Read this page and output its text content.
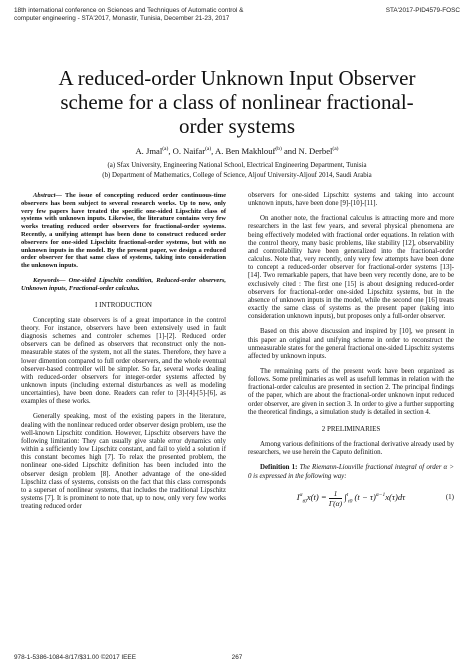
18th international conference on Sciences and Techniques of Automatic control &
computer engineering - STA'2017, Monastir, Tunisia, December 21-23, 2017
STA'2017-PID4579-FOSC
A reduced-order Unknown Input Observer
scheme for a class of nonlinear fractional-
order systems
A. Jmal$^{(a)}$, O. Naifar$^{(a)}$, A. Ben Makhlouf$^{(b)}$ and N. Derbel$^{(a)}$
(a) Sfax University, Engineering National School, Electrical Engineering Department, Tunisia
(b) Department of Mathematics, College of Science, Aljouf University-Aljouf 2014, Saudi Arabia

Abstract— The issue of concepting reduced order continuous-time observers has been subject to several research works. Up to now, only very few papers have treated the specific one-sided Lipschitz class of systems with unknown inputs. Likewise, the literature contains very few works treating reduced order observers for fractional-order systems. Recently, a unifying attempt has been done to construct reduced order observers for one-sided Lipschitz fractional-order systems, but with no unknown inputs in the model. By the present paper, we design a reduced order observer for that same class of systems, taking into consideration the unknown inputs.

Keywords— One-sided Lipschitz condition, Reduced-order observers, Unknown inputs, Fractional-order calculus.

I INTRODUCTION

Concepting state observers is of a great importance in the control theory. For instance, observers have been extensively used in fault diagnosis schemes and controler schemes [1]-[2]. Reduced order observers can be defined as observers that reconstruct only the non-measurable states of the system, not all the states. Therefore, they have a lower dimention compared to full order observers, and the whole eventual observer-based controller will be simpler. So far, several works dealing with reduced-order observers for integer-order systems affected by unknown inputs (including external disturbances as well as modeling uncertainties), have been done. Readers can refer to [3]-[4]-[5]-[6], as examples of these works.

Generally speaking, most of the existing papers in the literature, dealing with the nonlinear reduced order observer design problem, use the well-known Lipschitz condition. However, Lipschitz observers have the following limitation: They can usually give stable error dynamics only within a sufficiently low Lipschitz constant, and fail to yield a solution if this constant becomes high [7]. To relax the presented problem, the nonlinear one-sided Lipschitz definition has been included into the observer design problem [8]. Another advantage of the one-sided Lipschitz class of systems, consists on the fact that this class corresponds to a superset of nonlinear systems, that includes the traditional Lipschitz systems [7]. It is prominent to note that, up to now, only very few works treating reduced order

observers for one-sided Lipschitz systems and taking into account unknown inputs, have been done [9]-[10]-[11].

On another note, the fractional calculus is attracting more and more researchers in the last few years, and several physical phenomena are being effectively modeled with fractional order equations. In relation with the control theory, many basic problems, like stability [12], observability and controllability have been generalized into the fractional-order calculus. Note that, very recently, only very few attempts have been done to concept a reduced-order observer for fractional-order systems [13]-[14]. Two remarkable papers, that have been very recently done, are to be exclusively cited : The first one [15] is about designing reduced-order observers for fractional-order one-sided Lipschitz systems, but in the absence of unknown inputs in the model, while the second one [16] treats exactly the same class of systems as the present paper (taking into consideration unknown inputs), but proposes only a full-order observer.

Based on this above discussion and inspired by [10], we present in this paper an original and unifying scheme in order to reconstruct the unmeasurable states for the general fractional one-sided Lipschitz systems affected by unknown inputs.

The remaining parts of the present work have been organized as follows. Some preliminaries as well as usefull lemmas in relation with the fractional-order calculus are presented in section 2. The principal findings of the paper, which are about the fractional-order unknown input reduced order observer, are given in section 3. In order to give a further supporting the theoretical findings, a simulation study is detailed in section 4.

2 PRELIMINARIES

Among various definitions of the fractional derivative already used by researchers, we use herein the Caputo definition.

Definition 1: The Riemann-Liouville fractional integral of order α > 0 is expressed in the following way:

$I^\alpha_{t0}x(t) = \frac{1}{\Gamma(\alpha)} \int^t_{t0}$ $(t - \tau)^{\alpha-1}x(\tau)d\tau$	(1)
978-1-5386-1084-8/17/$31.00 ©2017 IEEE	267
